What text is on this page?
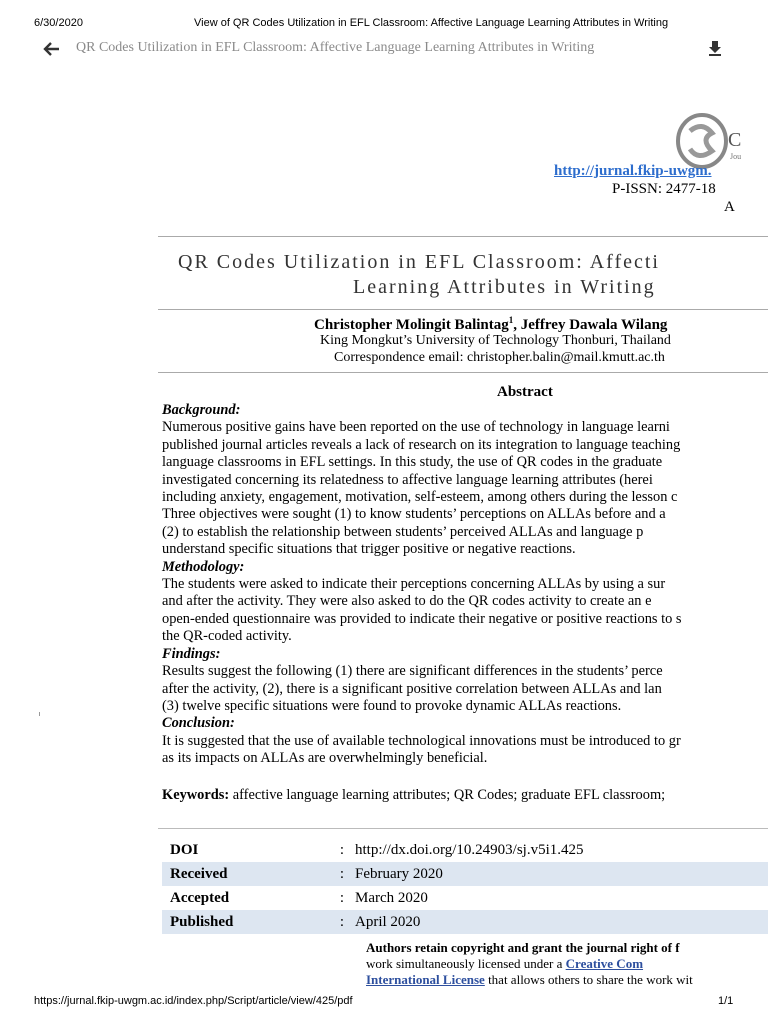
6/30/2020	View of QR Codes Utilization in EFL Classroom: Affective Language Learning Attributes in Writing
QR Codes Utilization in EFL Classroom: Affective Language Learning Attributes in Writing
C
Jou
http://jurnal.fkip-uwgm.
P-ISSN: 2477-18
A
QR Codes Utilization in EFL Classroom: Affecti
Learning Attributes in Writing
Christopher Molingit Balintag$^1$, Jeffrey Dawala Wilang
King Mongkut’s University of Technology Thonburi, Thailand
Correspondence email: christopher.balin@mail.kmutt.ac.th
Abstract
Background:
Numerous positive gains have been reported on the use of technology in language learni
published journal articles reveals a lack of research on its integration to language teaching
language classrooms in EFL settings. In this study, the use of QR codes in the graduate
investigated concerning its relatedness to affective language learning attributes (herei
including anxiety, engagement, motivation, self-esteem, among others during the lesson c
Three objectives were sought (1) to know students’ perceptions on ALLAs before and a
(2) to establish the relationship between students’ perceived ALLAs and language p
understand specific situations that trigger positive or negative reactions.
Methodology:
The students were asked to indicate their perceptions concerning ALLAs by using a sur
and after the activity. They were also asked to do the QR codes activity to create an e
open-ended questionnaire was provided to indicate their negative or positive reactions to s
the QR-coded activity.
Findings:
Results suggest the following (1) there are significant differences in the students’ perce
after the activity, (2), there is a significant positive correlation between ALLAs and lan
(3) twelve specific situations were found to provoke dynamic ALLAs reactions.
Conclusion:
It is suggested that the use of available technological innovations must be introduced to gr
as its impacts on ALLAs are overwhelmingly beneficial.
Keywords: affective language learning attributes; QR Codes; graduate EFL classroom;
DOI	:	http://dx.doi.org/10.24903/sj.v5i1.425
Received	:	February 2020
Accepted	:	March 2020
Published	:	April 2020
Authors retain copyright and grant the journal right of f
work simultaneously licensed under a Creative Com
International License that allows others to share the work wit
https://jurnal.fkip-uwgm.ac.id/index.php/Script/article/view/425/pdf	1/1
